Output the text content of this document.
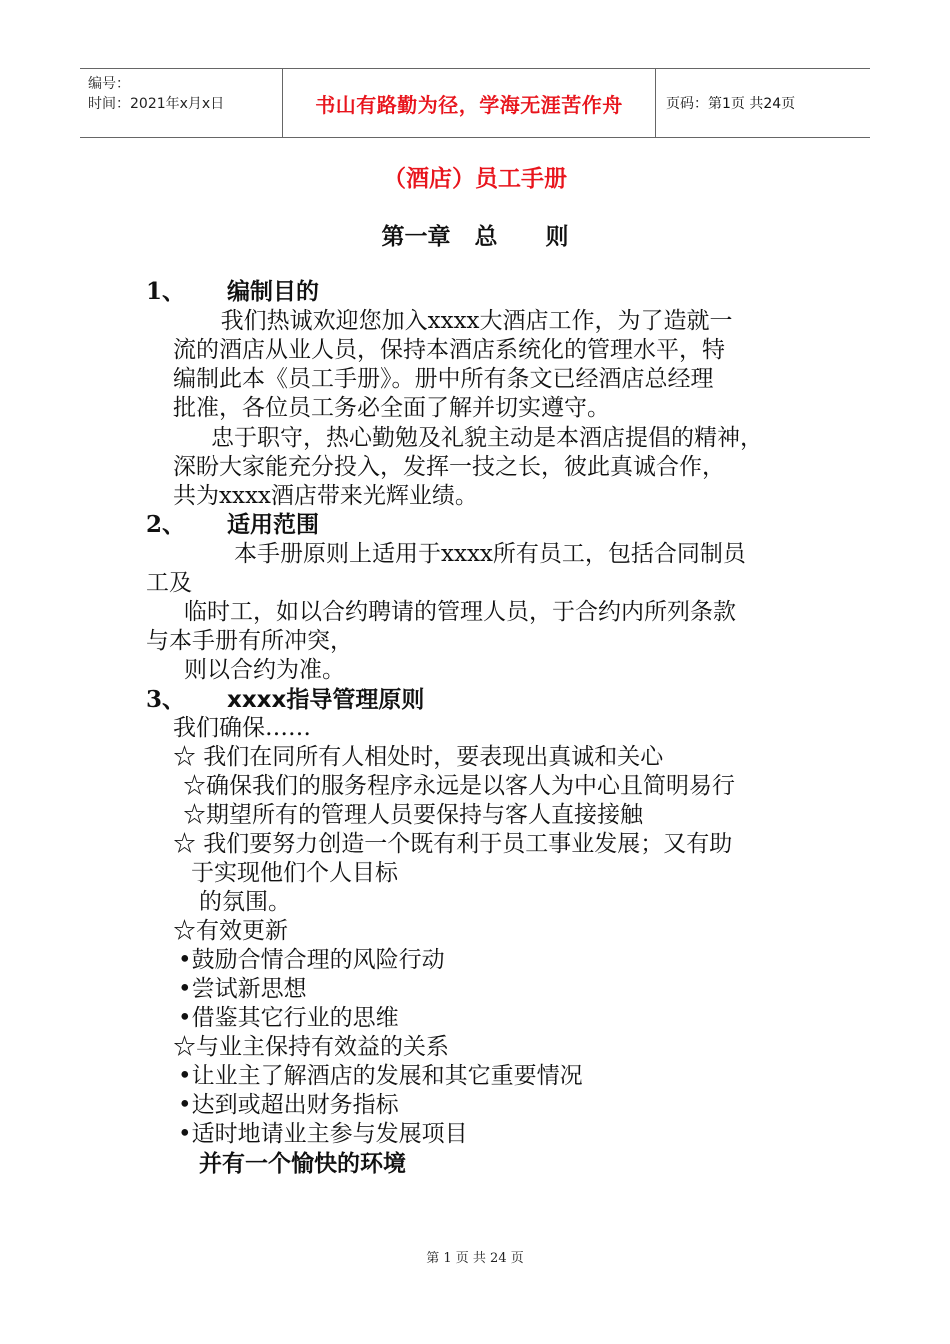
编号：
时间：2021年x月x日	书山有路勤为径，学海无涯苦作舟	页码：第1页 共24页
（酒店）员工手册
第一章   总      则
1、 编制目的
我们热诚欢迎您加入xxxx大酒店工作，为了造就一
流的酒店从业人员，保持本酒店系统化的管理水平，特
编制此本《员工手册》。册中所有条文已经酒店总经理
批准，各位员工务必全面了解并切实遵守。
忠于职守，热心勤勉及礼貌主动是本酒店提倡的精神，
深盼大家能充分投入，发挥一技之长，彼此真诚合作，
共为xxxx酒店带来光辉业绩。
2、 适用范围
本手册原则上适用于xxxx所有员工，包括合同制员
工及
临时工，如以合约聘请的管理人员，于合约内所列条款
与本手册有所冲突，
则以合约为准。
3、 xxxx指导管理原则
我们确保……
☆ 我们在同所有人相处时，要表现出真诚和关心
☆确保我们的服务程序永远是以客人为中心且简明易行
☆期望所有的管理人员要保持与客人直接接触
☆ 我们要努力创造一个既有利于员工事业发展；又有助
于实现他们个人目标
的氛围。
☆有效更新
•鼓励合情合理的风险行动
•尝试新思想
•借鉴其它行业的思维
☆与业主保持有效益的关系
•让业主了解酒店的发展和其它重要情况
•达到或超出财务指标
•适时地请业主参与发展项目
并有一个愉快的环境
第 1 页 共 24 页
